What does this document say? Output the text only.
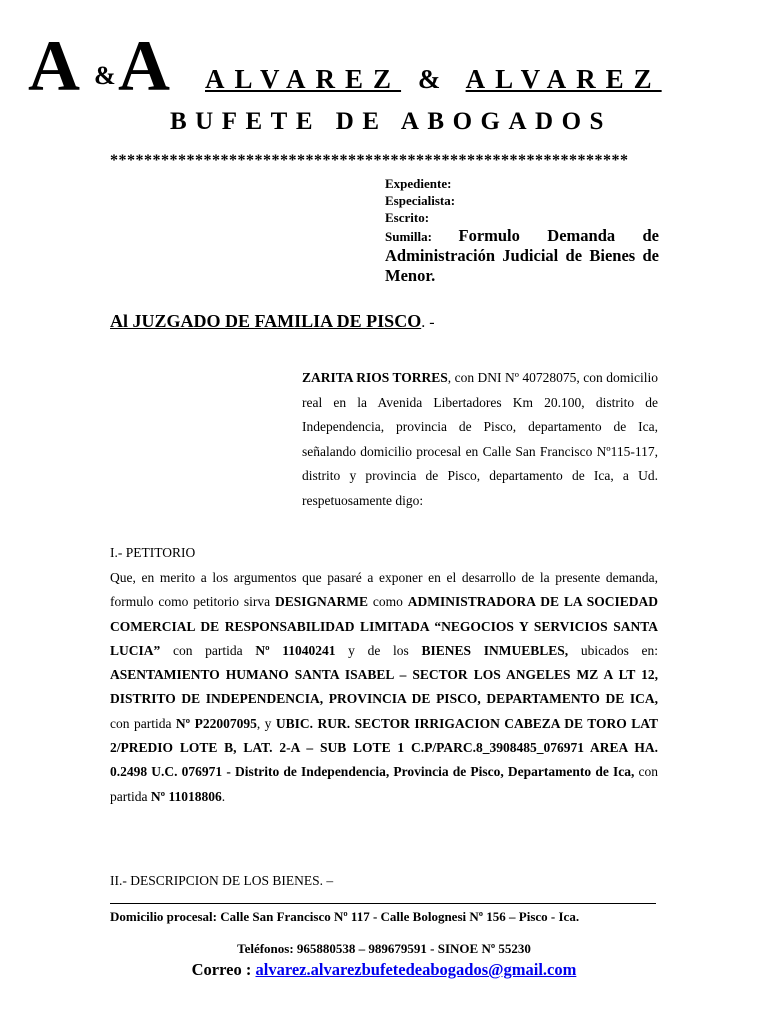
A & A ALVAREZ & ALVAREZ
BUFETE DE ABOGADOS
*************************************************************
Expediente:
Especialista:
Escrito:
Sumilla: Formulo Demanda de Administración Judicial de Bienes de Menor.
Al JUZGADO DE FAMILIA DE PISCO. -
ZARITA RIOS TORRES, con DNI Nº 40728075, con domicilio real en la Avenida Libertadores Km 20.100, distrito de Independencia, provincia de Pisco, departamento de Ica, señalando domicilio procesal en Calle San Francisco Nº115-117, distrito y provincia de Pisco, departamento de Ica, a Ud. respetuosamente digo:
I.- PETITORIO
Que, en merito a los argumentos que pasaré a exponer en el desarrollo de la presente demanda, formulo como petitorio sirva DESIGNARME como ADMINISTRADORA DE LA SOCIEDAD COMERCIAL DE RESPONSABILIDAD LIMITADA “NEGOCIOS Y SERVICIOS SANTA LUCIA” con partida Nº 11040241 y de los BIENES INMUEBLES, ubicados en: ASENTAMIENTO HUMANO SANTA ISABEL – SECTOR LOS ANGELES MZ A LT 12, DISTRITO DE INDEPENDENCIA, PROVINCIA DE PISCO, DEPARTAMENTO DE ICA, con partida Nº P22007095, y UBIC. RUR. SECTOR IRRIGACION CABEZA DE TORO LAT 2/PREDIO LOTE B, LAT. 2-A – SUB LOTE 1 C.P/PARC.8_3908485_076971 AREA HA. 0.2498 U.C. 076971 - Distrito de Independencia, Provincia de Pisco, Departamento de Ica, con partida Nº 11018806.
II.- DESCRIPCION DE LOS BIENES. –
Domicilio procesal: Calle San Francisco Nº 117 - Calle Bolognesi Nº 156 – Pisco - Ica.
Teléfonos: 965880538 – 989679591 - SINOE Nº 55230
Correo : alvarez.alvarezbufetedeabogados@gmail.com
